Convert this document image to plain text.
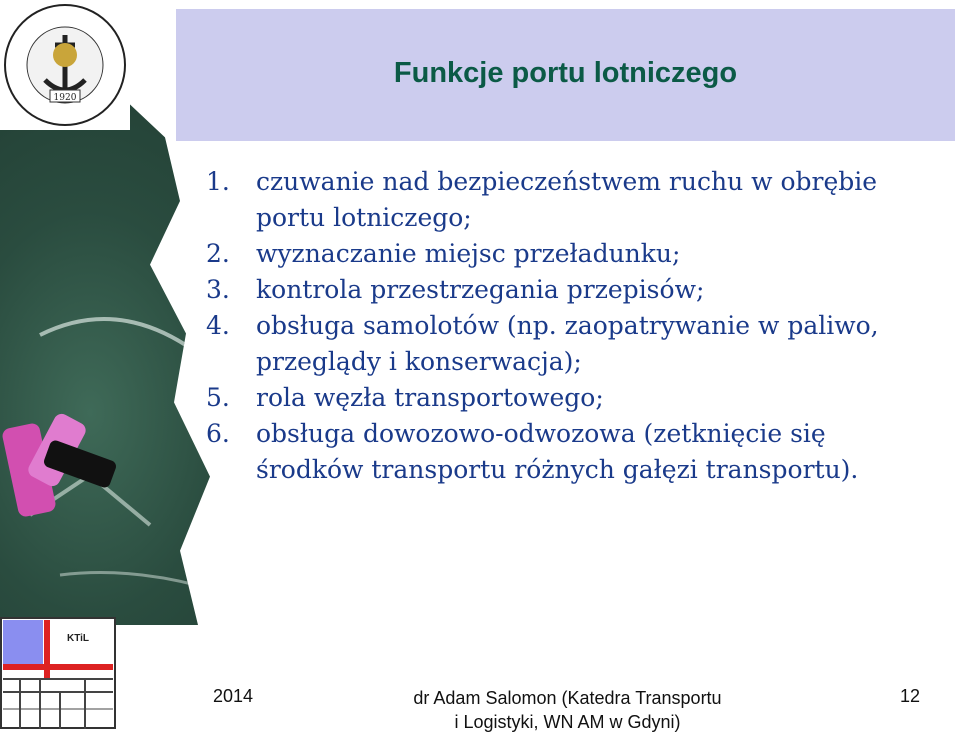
1920
Funkcje portu lotniczego
1.	czuwanie nad bezpieczeństwem ruchu w obrębie portu lotniczego;
2.	wyznaczanie miejsc przeładunku;
3.	kontrola przestrzegania przepisów;
4.	obsługa samolotów (np. zaopatrywanie w paliwo, przeglądy i konserwacja);
5.	rola węzła transportowego;
6.	obsługa dowozowo-odwozowa (zetknięcie się środków transportu różnych gałęzi transportu).
KTiL
2014	dr Adam Salomon (Katedra Transportu
i Logistyki, WN AM w Gdyni)
12
